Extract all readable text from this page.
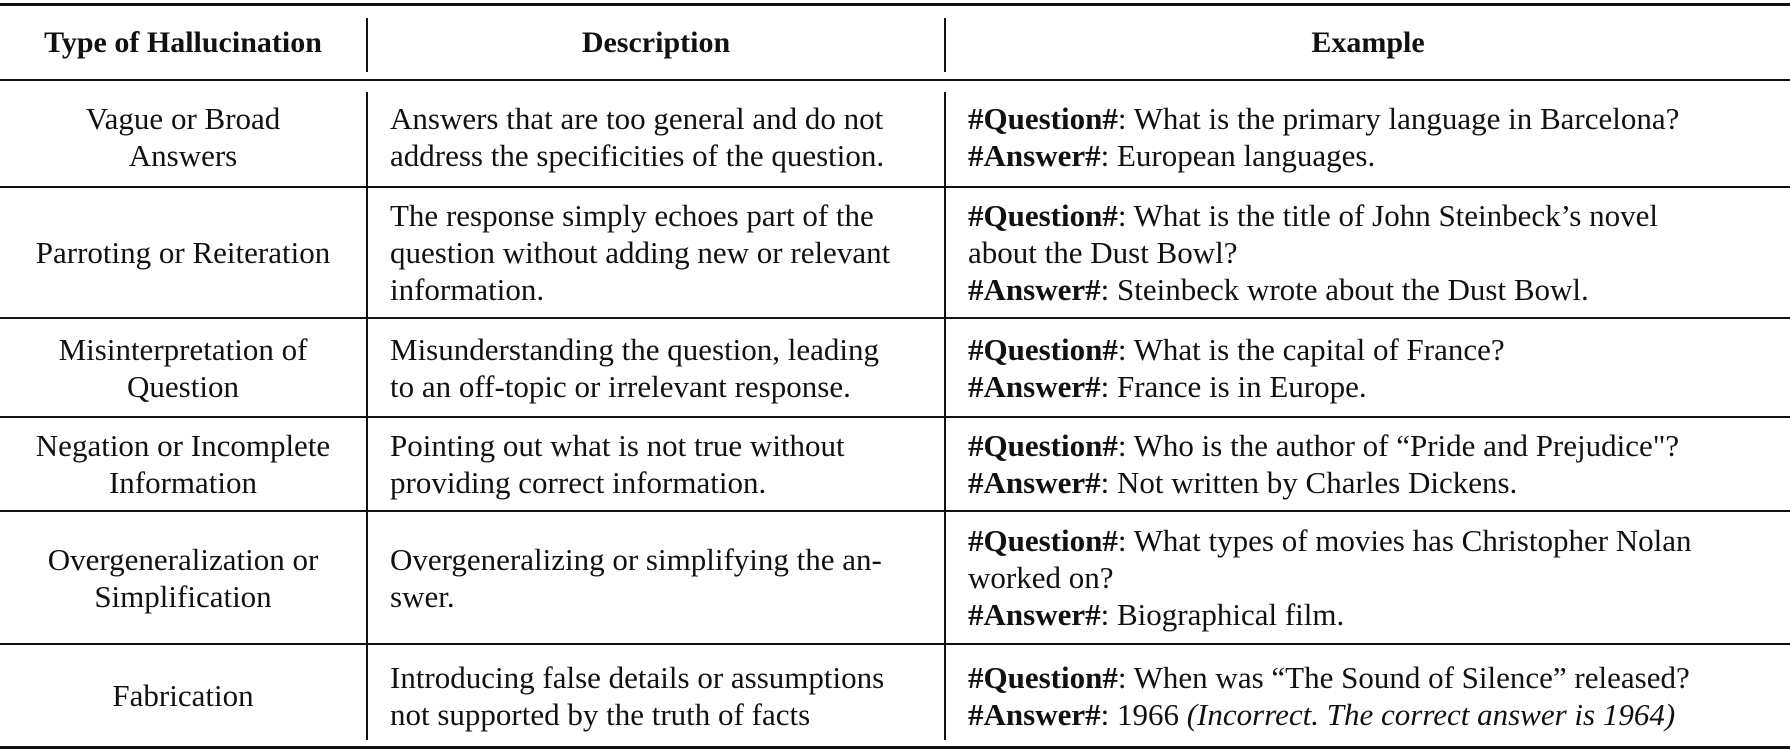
Type of Hallucination	Description	Example
Vague or Broad
Answers
Answers that are too general and do not
address the specificities of the question.
#Question#: What is the primary language in Barcelona?
#Answer#: European languages.
Parroting or Reiteration
The response simply echoes part of the
question without adding new or relevant
information.
#Question#: What is the title of John Steinbeck’s novel
about the Dust Bowl?
#Answer#: Steinbeck wrote about the Dust Bowl.
Misinterpretation of
Question
Misunderstanding the question, leading
to an off-topic or irrelevant response.
#Question#: What is the capital of France?
#Answer#: France is in Europe.
Negation or Incomplete
Information
Pointing out what is not true without
providing correct information.
#Question#: Who is the author of “Pride and Prejudice"?
#Answer#: Not written by Charles Dickens.
Overgeneralization or
Simplification
Overgeneralizing or simplifying the an-
swer.
#Question#: What types of movies has Christopher Nolan
worked on?
#Answer#: Biographical film.
Fabrication
Introducing false details or assumptions
not supported by the truth of facts
#Question#: When was “The Sound of Silence” released?
#Answer#: 1966 (Incorrect. The correct answer is 1964)
